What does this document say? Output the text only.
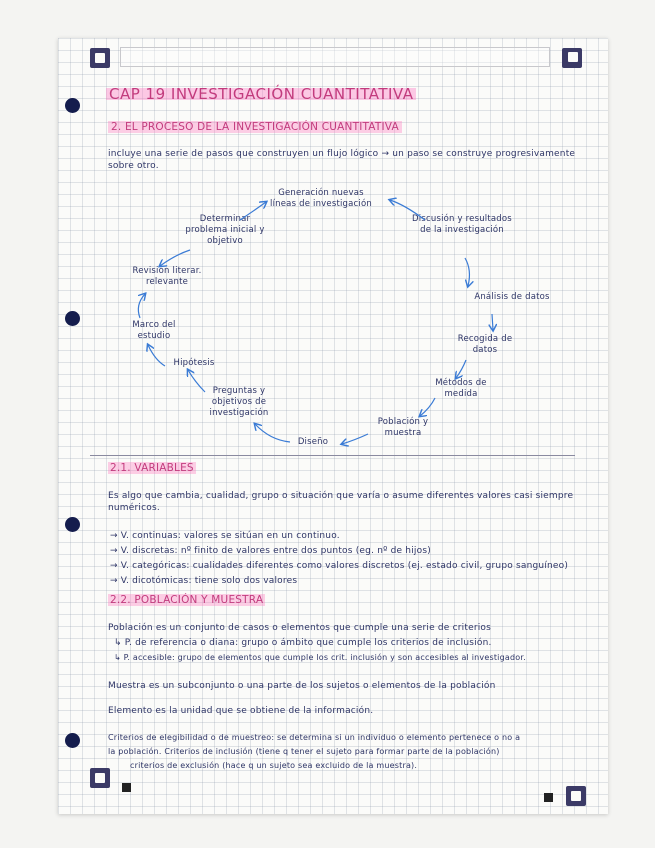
CAP 19 INVESTIGACIÓN CUANTITATIVA
2. EL PROCESO DE LA INVESTIGACIÓN CUANTITATIVA
incluye una serie de pasos que construyen un flujo lógico → un paso se construye progresivamente sobre otro.
Generación nuevas líneas de investigación
Discusión y resultados de la investigación
Análisis de datos
Recogida de datos
Métodos de medida
Población y muestra
Diseño
Preguntas y objetivos de investigación
Hipótesis
Marco del estudio
Revisión literar. relevante
Determinar problema inicial y objetivo
2.1. VARIABLES
Es algo que cambia, cualidad, grupo o situación que varía o asume diferentes valores casi siempre numéricos.
→ V. continuas: valores se sitúan en un continuo.
→ V. discretas: nº finito de valores entre dos puntos (eg. nº de hijos)
→ V. categóricas: cualidades diferentes como valores discretos (ej. estado civil, grupo sanguíneo)
→ V. dicotómicas: tiene solo dos valores
2.2. POBLACIÓN Y MUESTRA
Población es un conjunto de casos o elementos que cumple una serie de criterios
↳ P. de referencia o diana: grupo o ámbito que cumple los criterios de inclusión.
↳ P. accesible: grupo de elementos que cumple los crit. inclusión y son accesibles al investigador.
Muestra es un subconjunto o una parte de los sujetos o elementos de la población
Elemento es la unidad que se obtiene de la información.
Criterios de elegibilidad o de muestreo: se determina si un individuo o elemento pertenece o no a
la población. Criterios de inclusión (tiene q tener el sujeto para formar parte de la población)
criterios de exclusión (hace q un sujeto sea excluido de la muestra).
